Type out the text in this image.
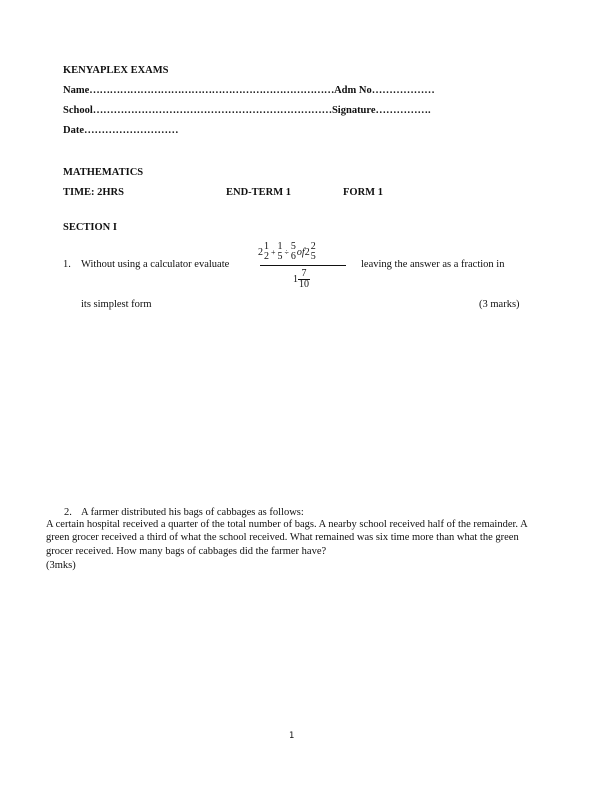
KENYAPLEX EXAMS
Name………………………………………………………………Adm No………………
School……………………………………………………………Signature…………….
Date………………………
MATHEMATICS
TIME: 2HRS	END-TERM 1	FORM 1
SECTION I
1. Without using a calculator evaluate
2 1
2 + 1
5 ÷ 5
6 of 2 2
5
$1 \frac{7}{10}$
leaving the answer as a fraction in
its simplest form	(3 marks)
2. A farmer distributed his bags of cabbages as follows:
A certain hospital received a quarter of the total number of bags. A nearby school received half of the remainder. A green grocer received a third of what the school received. What remained was six time more than what the green grocer received. How many bags of cabbages did the farmer have?
(3mks)
1
